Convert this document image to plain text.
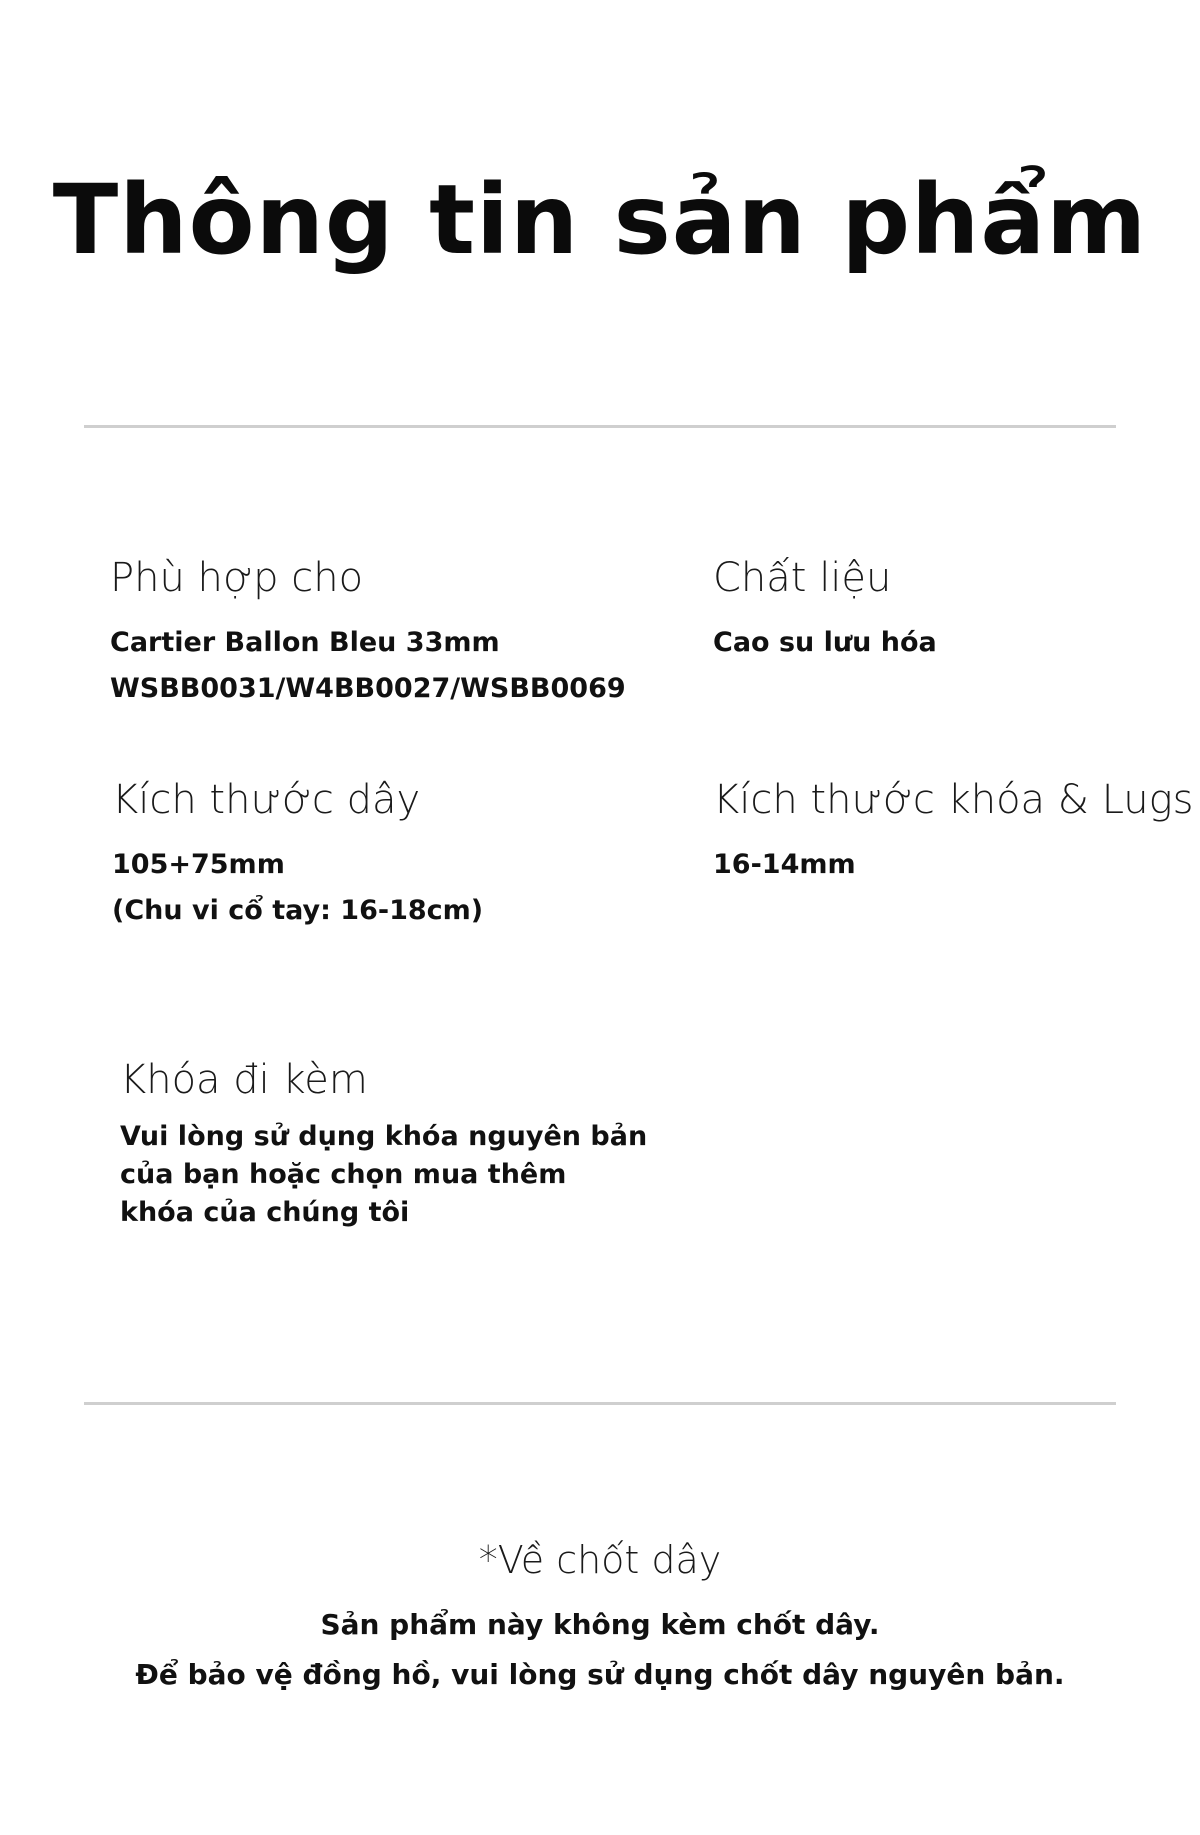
Thông tin sản phẩm
Phù hợp cho
Cartier Ballon Bleu 33mm
WSBB0031/W4BB0027/WSBB0069
Chất liệu
Cao su lưu hóa
Kích thước dây
105+75mm
(Chu vi cổ tay: 16-18cm)
Kích thước khóa & Lugs
16-14mm
Khóa đi kèm
Vui lòng sử dụng khóa nguyên bản
của bạn hoặc chọn mua thêm
khóa của chúng tôi
*Về chốt dây
Sản phẩm này không kèm chốt dây.
Để bảo vệ đồng hồ, vui lòng sử dụng chốt dây nguyên bản.
